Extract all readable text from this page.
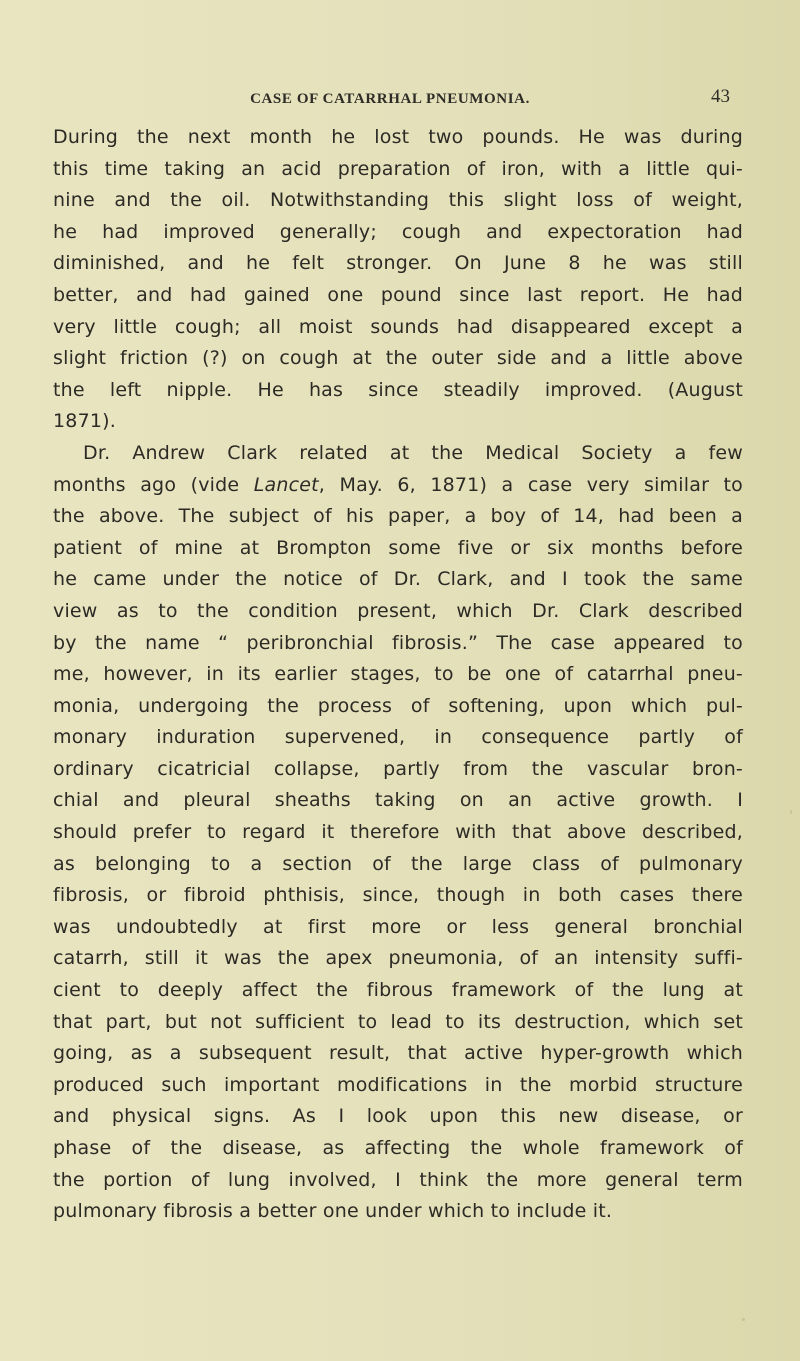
CASE OF CATARRHAL PNEUMONIA.	43
During the next month he lost two pounds. He was during
this time taking an acid preparation of iron, with a little qui-
nine and the oil. Notwithstanding this slight loss of weight,
he had improved generally; cough and expectoration had
diminished, and he felt stronger. On June 8 he was still
better, and had gained one pound since last report. He had
very little cough; all moist sounds had disappeared except a
slight friction (?) on cough at the outer side and a little above
the left nipple. He has since steadily improved. (August
1871).
Dr. Andrew Clark related at the Medical Society a few
months ago (vide Lancet, May. 6, 1871) a case very similar to
the above. The subject of his paper, a boy of 14, had been a
patient of mine at Brompton some five or six months before
he came under the notice of Dr. Clark, and I took the same
view as to the condition present, which Dr. Clark described
by the name “ peribronchial fibrosis.” The case appeared to
me, however, in its earlier stages, to be one of catarrhal pneu-
monia, undergoing the process of softening, upon which pul-
monary induration supervened, in consequence partly of
ordinary cicatricial collapse, partly from the vascular bron-
chial and pleural sheaths taking on an active growth. I
should prefer to regard it therefore with that above described,
as belonging to a section of the large class of pulmonary
fibrosis, or fibroid phthisis, since, though in both cases there
was undoubtedly at first more or less general bronchial
catarrh, still it was the apex pneumonia, of an intensity suffi-
cient to deeply affect the fibrous framework of the lung at
that part, but not sufficient to lead to its destruction, which set
going, as a subsequent result, that active hyper-growth which
produced such important modifications in the morbid structure
and physical signs. As I look upon this new disease, or
phase of the disease, as affecting the whole framework of
the portion of lung involved, I think the more general term
pulmonary fibrosis a better one under which to include it.
